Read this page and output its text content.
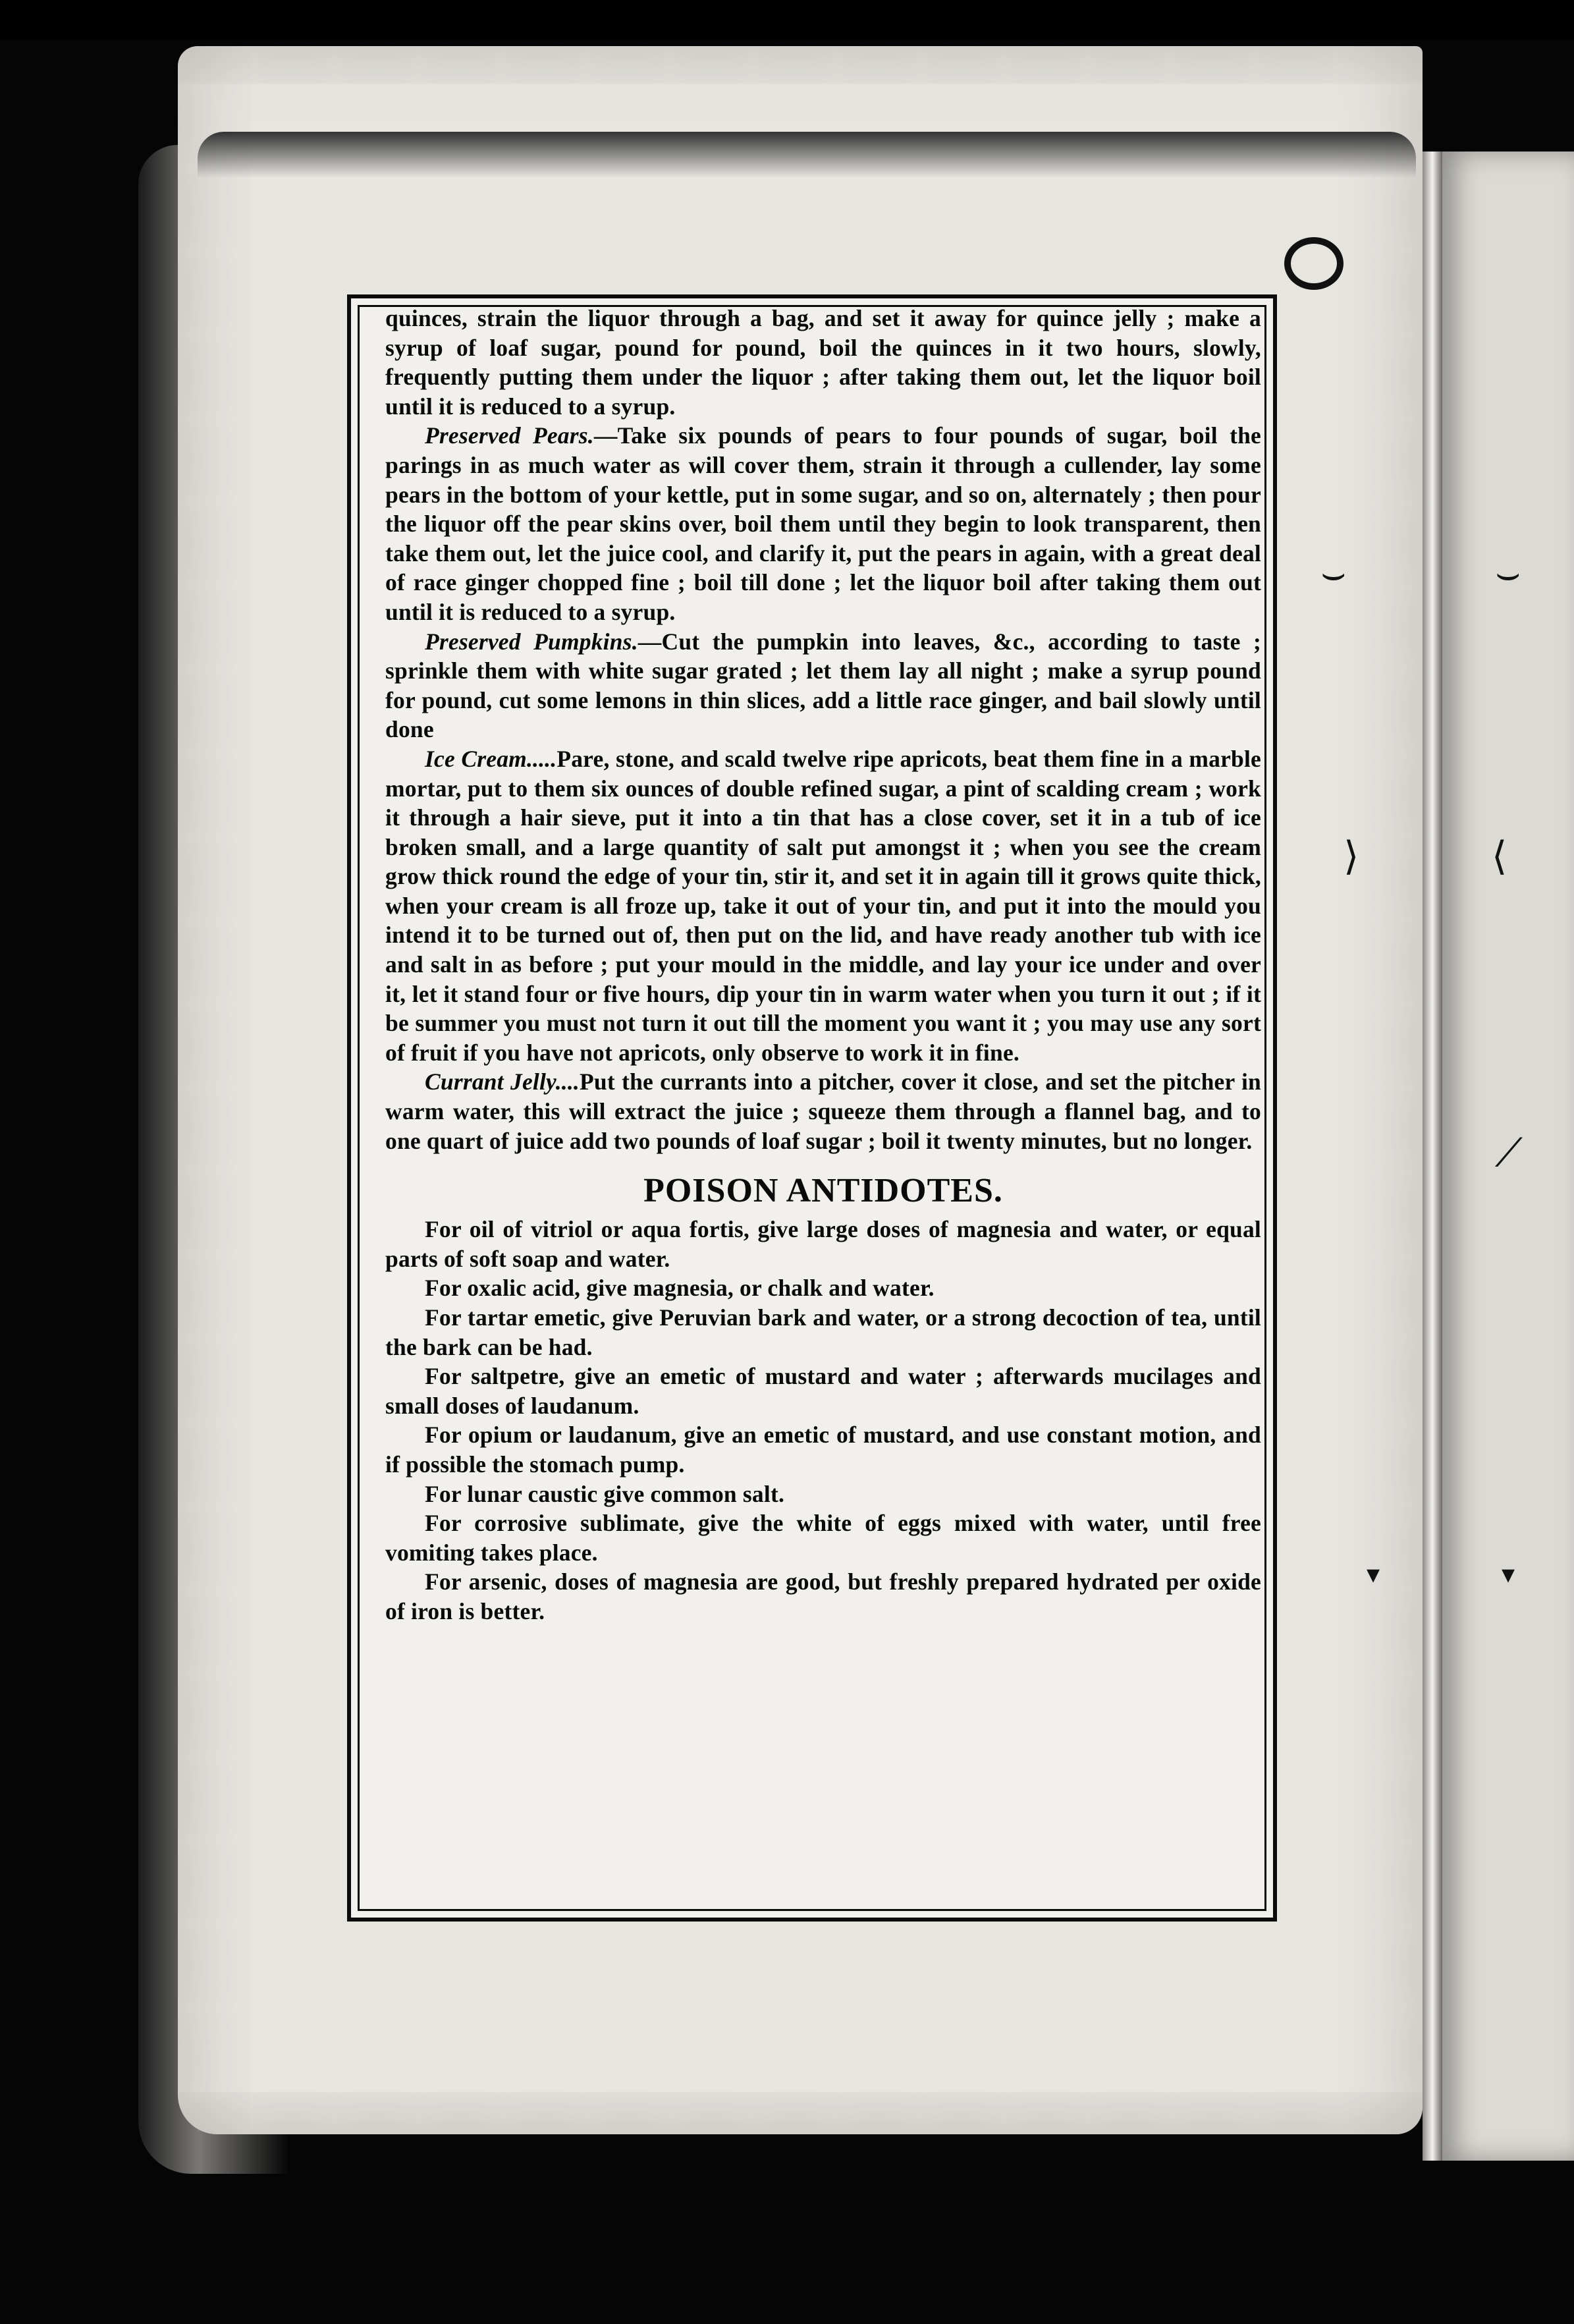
⌣	⌣
⟩	⟨
⟋
▾	▾

quinces, strain the liquor through a bag, and set it away for quince jelly ; make a syrup of loaf sugar, pound for pound, boil the quinces in it two hours, slowly, frequently putting them under the liquor ; after taking them out, let the liquor boil until it is reduced to a syrup.

Preserved Pears.—Take six pounds of pears to four pounds of sugar, boil the parings in as much water as will cover them, strain it through a cullender, lay some pears in the bottom of your kettle, put in some sugar, and so on, alternately ; then pour the liquor off the pear skins over, boil them until they begin to look transparent, then take them out, let the juice cool, and clarify it, put the pears in again, with a great deal of race ginger chopped fine ; boil till done ; let the liquor boil after taking them out until it is reduced to a syrup.

Preserved Pumpkins.—Cut the pumpkin into leaves, &c., according to taste ; sprinkle them with white sugar grated ; let them lay all night ; make a syrup pound for pound, cut some lemons in thin slices, add a little race ginger, and bail slowly until done

Ice Cream.....Pare, stone, and scald twelve ripe apricots, beat them fine in a marble mortar, put to them six ounces of double refined sugar, a pint of scalding cream ; work it through a hair sieve, put it into a tin that has a close cover, set it in a tub of ice broken small, and a large quantity of salt put amongst it ; when you see the cream grow thick round the edge of your tin, stir it, and set it in again till it grows quite thick, when your cream is all froze up, take it out of your tin, and put it into the mould you intend it to be turned out of, then put on the lid, and have ready another tub with ice and salt in as before ; put your mould in the middle, and lay your ice under and over it, let it stand four or five hours, dip your tin in warm water when you turn it out ; if it be summer you must not turn it out till the moment you want it ; you may use any sort of fruit if you have not apricots, only observe to work it in fine.

Currant Jelly....Put the currants into a pitcher, cover it close, and set the pitcher in warm water, this will extract the juice ; squeeze them through a flannel bag, and to one quart of juice add two pounds of loaf sugar ; boil it twenty minutes, but no longer.

POISON ANTIDOTES.

For oil of vitriol or aqua fortis, give large doses of magnesia and water, or equal parts of soft soap and water.

For oxalic acid, give magnesia, or chalk and water.

For tartar emetic, give Peruvian bark and water, or a strong decoction of tea, until the bark can be had.

For saltpetre, give an emetic of mustard and water ; afterwards mucilages and small doses of laudanum.

For opium or laudanum, give an emetic of mustard, and use constant motion, and if possible the stomach pump.

For lunar caustic give common salt.

For corrosive sublimate, give the white of eggs mixed with water, until free vomiting takes place.

For arsenic, doses of magnesia are good, but freshly prepared hydrated per oxide of iron is better.
